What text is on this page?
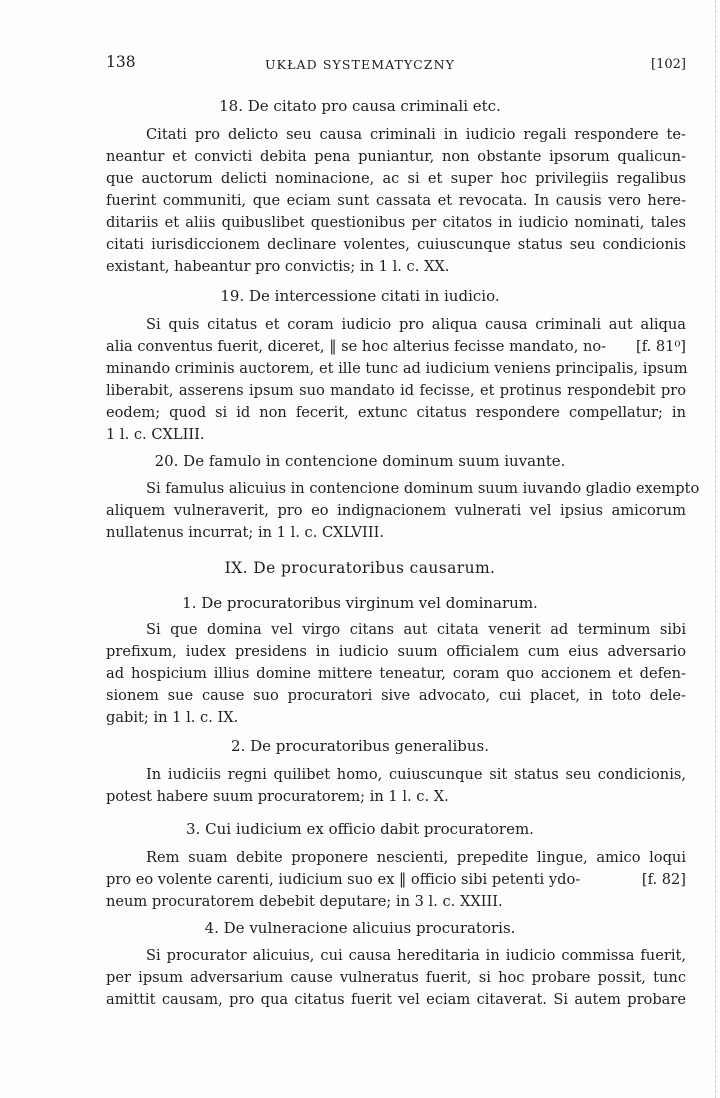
138	UKŁAD SYSTEMATYCZNY	[102]
18. De citato pro causa criminali etc.
Citati pro delicto seu causa criminali in iudicio regali respondere te-
neantur et convicti debita pena puniantur, non obstante ipsorum qualicun-
que auctorum delicti nominacione, ac si et super hoc privilegiis regalibus
fuerint communiti, que eciam sunt cassata et revocata. In causis vero here-
ditariis et aliis quibuslibet questionibus per citatos in iudicio nominati, tales
citati iurisdiccionem declinare volentes, cuiuscunque status seu condicionis
existant, habeantur pro convictis; in 1 l. c. XX.
19. De intercessione citati in iudicio.
Si quis citatus et coram iudicio pro aliqua causa criminali aut aliqua
[f. 81⁰]
alia conventus fuerit, diceret, ‖ se hoc alterius fecisse mandato, no-
minando criminis auctorem, et ille tunc ad iudicium veniens principalis, ipsum
liberabit, asserens ipsum suo mandato id fecisse, et protinus respondebit pro
eodem; quod si id non fecerit, extunc citatus respondere compellatur; in
1 l. c. CXLIII.
20. De famulo in contencione dominum suum iuvante.
Si famulus alicuius in contencione dominum suum iuvando gladio exempto
aliquem vulneraverit, pro eo indignacionem vulnerati vel ipsius amicorum
nullatenus incurrat; in 1 l. c. CXLVIII.
IX. De procuratoribus causarum.
1. De procuratoribus virginum vel dominarum.
Si que domina vel virgo citans aut citata venerit ad terminum sibi
prefixum, iudex presidens in iudicio suum officialem cum eius adversario
ad hospicium illius domine mittere teneatur, coram quo accionem et defen-
sionem sue cause suo procuratori sive advocato, cui placet, in toto dele-
gabit; in 1 l. c. IX.
2. De procuratoribus generalibus.
In iudiciis regni quilibet homo, cuiuscunque sit status seu condicionis,
potest habere suum procuratorem; in 1 l. c. X.
3. Cui iudicium ex officio dabit procuratorem.
Rem suam debite proponere nescienti, prepedite lingue, amico loqui
[f. 82]
pro eo volente carenti, iudicium suo ex ‖ officio sibi petenti ydo-
neum procuratorem debebit deputare; in 3 l. c. XXIII.
4. De vulneracione alicuius procuratoris.
Si procurator alicuius, cui causa hereditaria in iudicio commissa fuerit,
per ipsum adversarium cause vulneratus fuerit, si hoc probare possit, tunc
amittit causam, pro qua citatus fuerit vel eciam citaverat. Si autem probare
